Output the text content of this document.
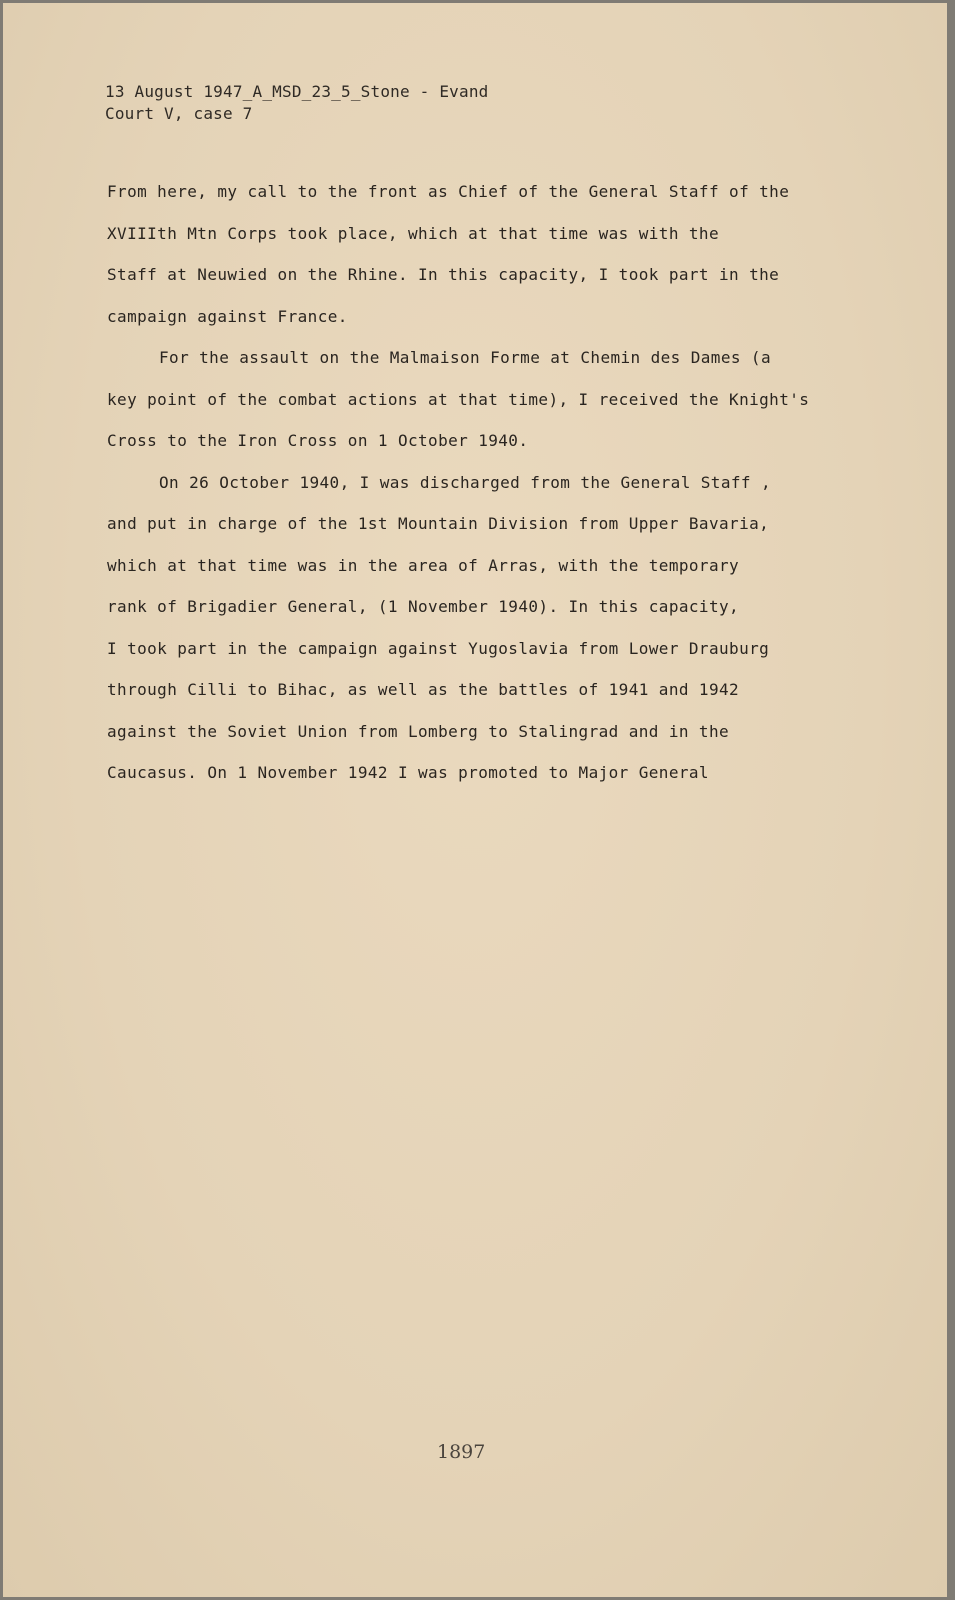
13 August 1947_A_MSD_23_5_Stone - Evand
Court V, case 7
From here, my call to the front as Chief of the General Staff of the
XVIIIth Mtn Corps took place, which at that time was with the
Staff at Neuwied on the Rhine. In this capacity, I took part in the
campaign against France.
For the assault on the Malmaison Forme at Chemin des Dames (a
key point of the combat actions at that time), I received the Knight's
Cross to the Iron Cross on 1 October 1940.
On 26 October 1940, I was discharged from the General Staff ,
and put in charge of the 1st Mountain Division from Upper Bavaria,
which at that time was in the area of Arras, with the temporary
rank of Brigadier General, (1 November 1940). In this capacity,
I took part in the campaign against Yugoslavia from Lower Drauburg
through Cilli to Bihac, as well as the battles of 1941 and 1942
against the Soviet Union from Lomberg to Stalingrad and in the
Caucasus. On 1 November 1942 I was promoted to Major General
1897
